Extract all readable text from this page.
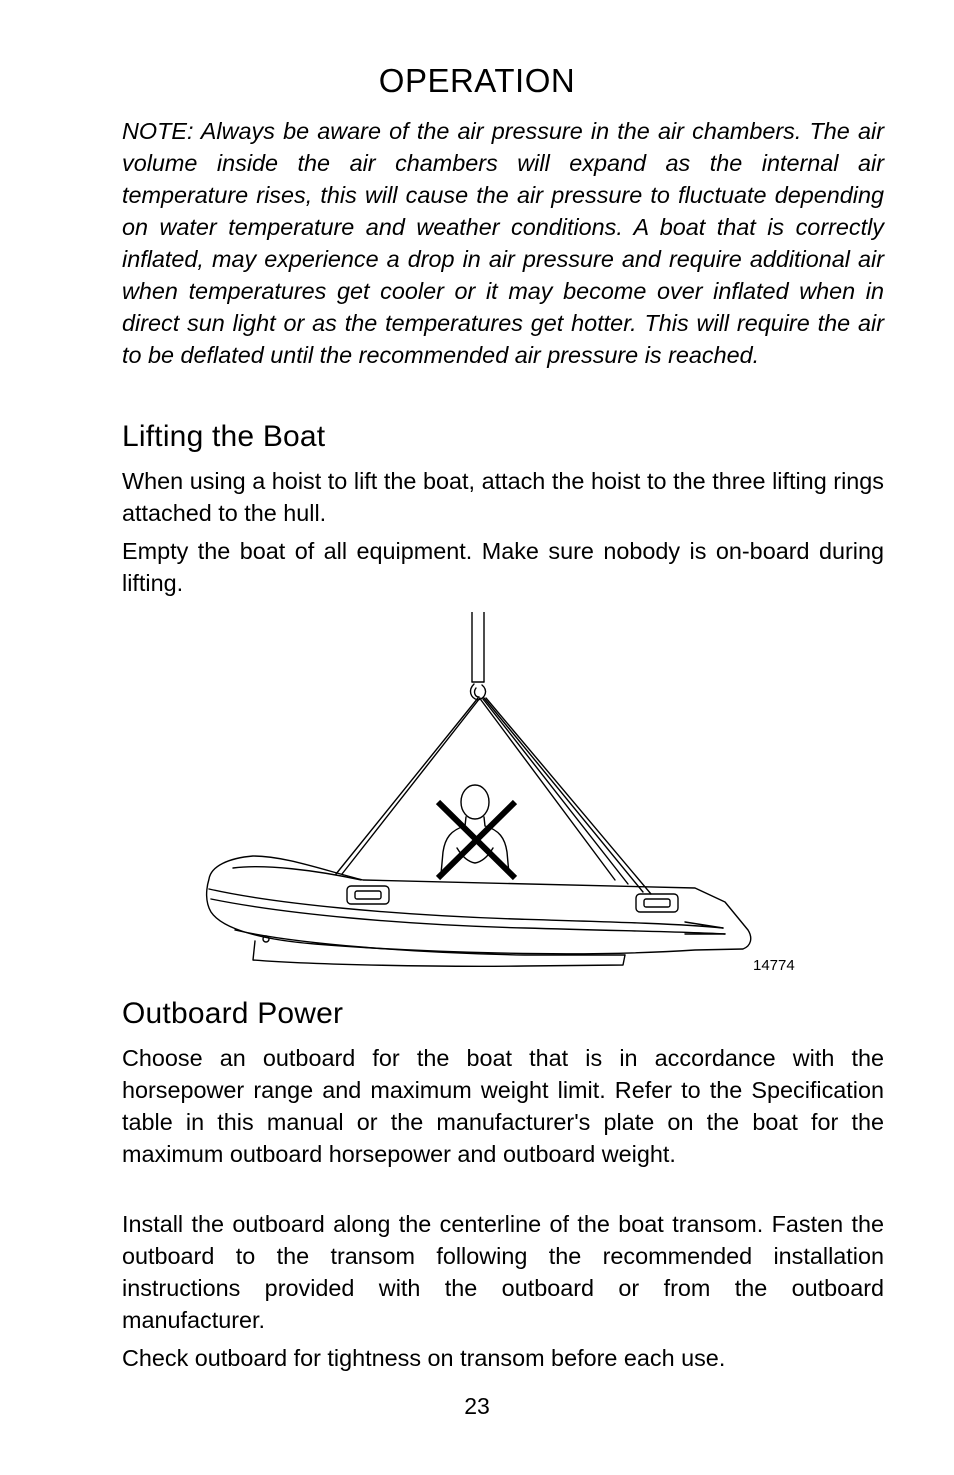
OPERATION

NOTE: Always be aware of the air pressure in the air chambers. The air volume inside the air chambers will expand as the internal air temperature rises, this will cause the air pressure to fluctuate depending on water temperature and weather conditions. A boat that is correctly inflated, may experience a drop in air pressure and require additional air when temperatures get cooler or it may become over inflated when in direct sun light or as the temperatures get hotter. This will require the air to be deflated until the recommended air pressure is reached.

Lifting the Boat

When using a hoist to lift the boat, attach the hoist to the three lifting rings attached to the hull.

Empty the boat of all equipment. Make sure nobody is on-board during lifting.

14774
Outboard Power

Choose an outboard for the boat that is in accordance with the horsepower range and maximum weight limit. Refer to the Specification table in this manual or the manufacturer's plate on the boat for the maximum outboard horsepower and outboard weight.

Install the outboard along the centerline of the boat transom. Fasten the outboard to the transom following the recommended installation instructions provided with the outboard or from the outboard manufacturer.

Check outboard for tightness on transom before each use.

23
